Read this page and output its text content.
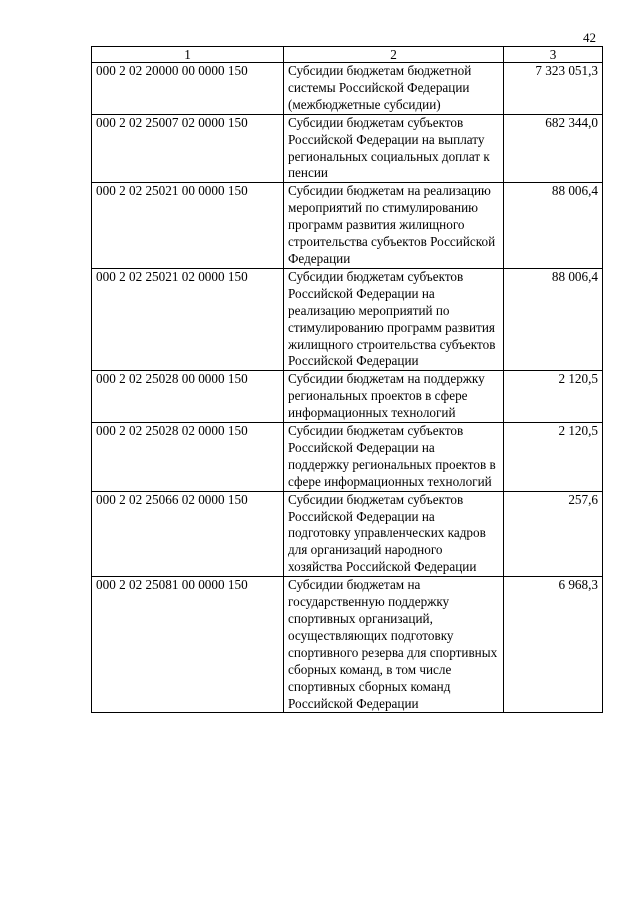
42
1	2	3
000 2 02 20000 00 0000 150	Субсидии бюджетам бюджетной системы Российской Федерации (межбюджетные субсидии)	7 323 051,3
000 2 02 25007 02 0000 150	Субсидии бюджетам субъектов Российской Федерации на выплату региональных социальных доплат к пенсии	682 344,0
000 2 02 25021 00 0000 150	Субсидии бюджетам на реализацию мероприятий по стимулированию программ развития жилищного строительства субъектов Российской Федерации	88 006,4
000 2 02 25021 02 0000 150	Субсидии бюджетам субъектов Российской Федерации на реализацию мероприятий по стимулированию программ развития жилищного строительства субъектов Российской Федерации	88 006,4
000 2 02 25028 00 0000 150	Субсидии бюджетам на поддержку региональных проектов в сфере информационных технологий	2 120,5
000 2 02 25028 02 0000 150	Субсидии бюджетам субъектов Российской Федерации на поддержку региональных проектов в сфере информационных технологий	2 120,5
000 2 02 25066 02 0000 150	Субсидии бюджетам субъектов Российской Федерации на подготовку управленческих кадров для организаций народного хозяйства Российской Федерации	257,6
000 2 02 25081 00 0000 150	Субсидии бюджетам на государственную поддержку спортивных организаций, осуществляющих подготовку спортивного резерва для спортивных сборных команд, в том числе спортивных сборных команд Российской Федерации	6 968,3
